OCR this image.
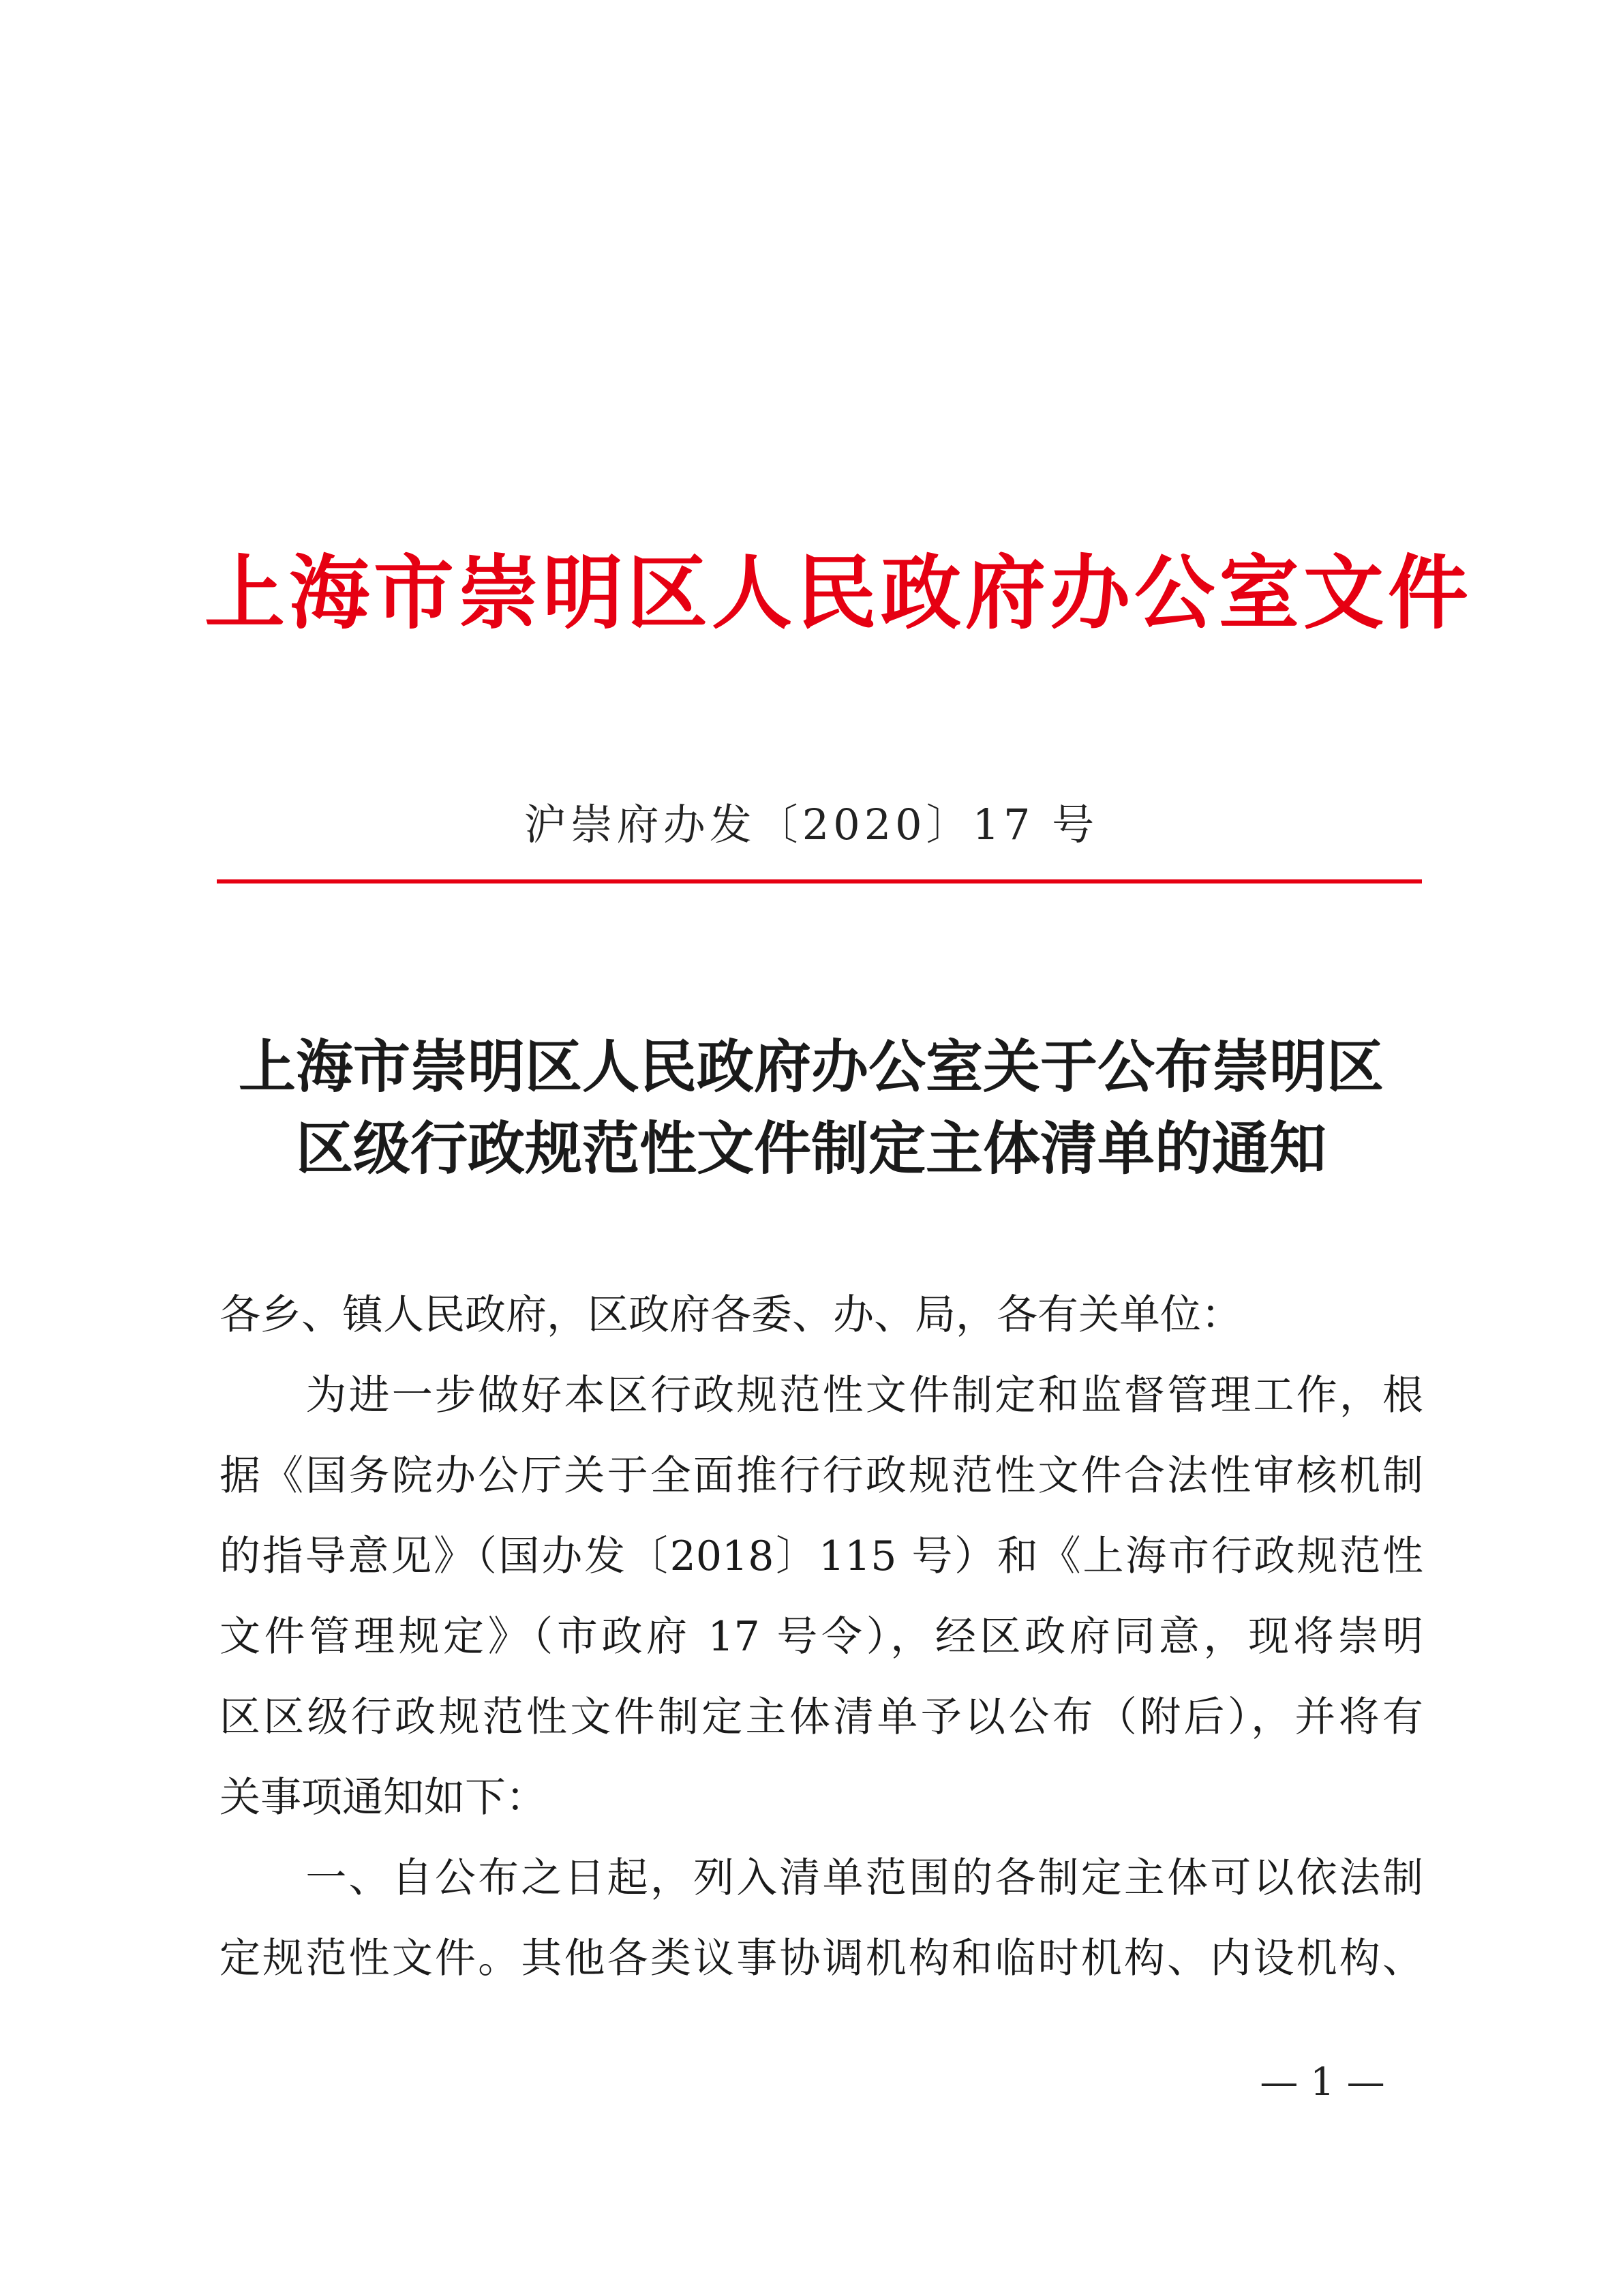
上海市崇明区人民政府办公室文件
沪崇府办发〔2020〕17 号
上海市崇明区人民政府办公室关于公布崇明区
区级行政规范性文件制定主体清单的通知
各乡、镇人民政府，区政府各委、办、局，各有关单位：
　　为进一步做好本区行政规范性文件制定和监督管理工作，根
据《国务院办公厅关于全面推行行政规范性文件合法性审核机制
的指导意见》（国办发〔2018〕115 号）和《上海市行政规范性
文件管理规定》（市政府 17 号令），经区政府同意，现将崇明
区区级行政规范性文件制定主体清单予以公布（附后），并将有
关事项通知如下：
　　一、自公布之日起，列入清单范围的各制定主体可以依法制
定规范性文件。其他各类议事协调机构和临时机构、内设机构、
— 1 —
